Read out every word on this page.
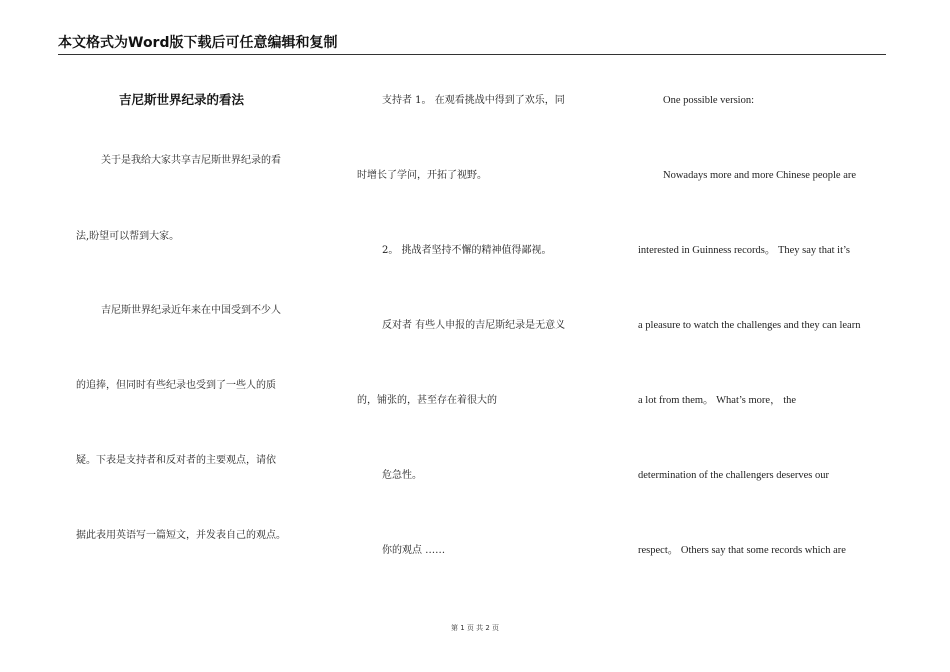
本文格式为Word版下载后可任意编辑和复制
吉尼斯世界纪录的看法
关于是我给大家共享吉尼斯世界纪录的看
法,盼望可以帮到大家。
吉尼斯世界纪录近年来在中国受到不少人
的追捧，但同时有些纪录也受到了一些人的质
疑。下表是支持者和反对者的主要观点，请依
据此表用英语写一篇短文，并发表自己的观点。
支持者 1。 在观看挑战中得到了欢乐，同
时增长了学问，开拓了视野。
2。 挑战者坚持不懈的精神值得鄙视。
反对者 有些人申报的吉尼斯纪录是无意义
的，铺张的，甚至存在着很大的
危急性。
你的观点 ……
One possible version:
Nowadays more and more Chinese people are
interested in Guinness records。 They say that it’s
a pleasure to watch the challenges and they can learn
a lot from them。 What’s more， the
determination of the challengers deserves our
respect。 Others say that some records which are
第 1 页 共 2 页
